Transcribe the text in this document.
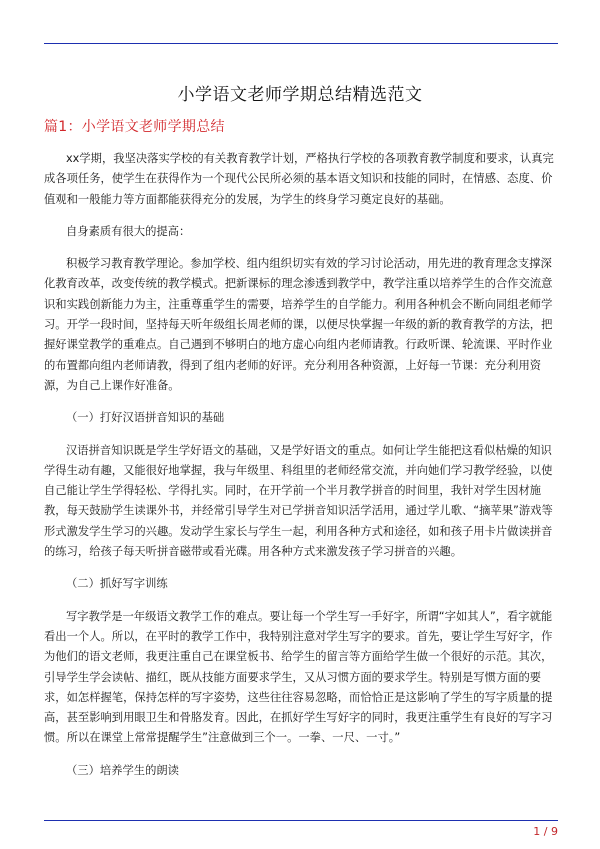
小学语文老师学期总结精选范文
篇1：小学语文老师学期总结

xx学期，我坚决落实学校的有关教育教学计划，严格执行学校的各项教育教学制度和要求，认真完成各项任务，使学生在获得作为一个现代公民所必须的基本语文知识和技能的同时，在情感、态度、价值观和一般能力等方面都能获得充分的发展，为学生的终身学习奠定良好的基础。

自身素质有很大的提高：

积极学习教育教学理论。参加学校、组内组织切实有效的学习讨论活动，用先进的教育理念支撑深化教育改革，改变传统的教学模式。把新课标的理念渗透到教学中，教学注重以培养学生的合作交流意识和实践创新能力为主，注重尊重学生的需要，培养学生的自学能力。利用各种机会不断向同组老师学习。开学一段时间，坚持每天听年级组长周老师的课，以便尽快掌握一年级的新的教育教学的方法，把握好课堂教学的重难点。自己遇到不够明白的地方虚心向组内老师请教。行政听课、轮流课、平时作业的布置都向组内老师请教，得到了组内老师的好评。充分利用各种资源，上好每一节课：充分利用资源，为自己上课作好准备。

（一）打好汉语拼音知识的基础

汉语拼音知识既是学生学好语文的基础，又是学好语文的重点。如何让学生能把这看似枯燥的知识学得生动有趣，又能很好地掌握，我与年级里、科组里的老师经常交流，并向她们学习教学经验，以使自己能让学生学得轻松、学得扎实。同时，在开学前一个半月教学拼音的时间里，我针对学生因材施教，每天鼓励学生读课外书，并经常引导学生对已学拼音知识活学活用，通过学儿歌、“摘苹果”游戏等形式激发学生学习的兴趣。发动学生家长与学生一起，利用各种方式和途径，如和孩子用卡片做读拼音的练习，给孩子每天听拼音磁带或看光碟。用各种方式来激发孩子学习拼音的兴趣。

（二）抓好写字训练

写字教学是一年级语文教学工作的难点。要让每一个学生写一手好字，所谓“字如其人”，看字就能看出一个人。所以，在平时的教学工作中，我特别注意对学生写字的要求。首先，要让学生写好字，作为他们的语文老师，我更注重自己在课堂板书、给学生的留言等方面给学生做一个很好的示范。其次，引导学生学会读帖、描红，既从技能方面要求学生，又从习惯方面的要求学生。特别是写惯方面的要求，如怎样握笔，保持怎样的写字姿势，这些往往容易忽略，而恰恰正是这影响了学生的写字质量的提高，甚至影响到用眼卫生和骨胳发育。因此，在抓好学生写好字的同时，我更注重学生有良好的写字习惯。所以在课堂上常常提醒学生”注意做到三个一。一拳、一尺、一寸。”

（三）培养学生的朗读

1 / 9
